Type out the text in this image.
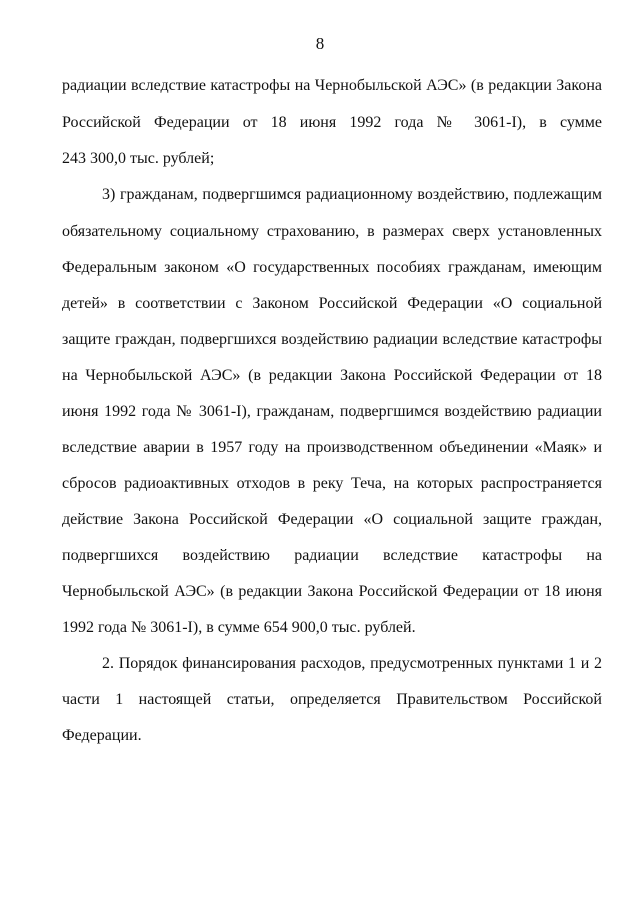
8
радиации вследствие катастрофы на Чернобыльской АЭС» (в редакции Закона
Российской Федерации от 18 июня 1992 года № 3061-I), в сумме
243 300,0 тыс. рублей;
3) гражданам, подвергшимся радиационному воздействию, подлежащим
обязательному социальному страхованию, в размерах сверх установленных
Федеральным законом «О государственных пособиях гражданам, имеющим
детей» в соответствии с Законом Российской Федерации «О социальной
защите граждан, подвергшихся воздействию радиации вследствие катастрофы
на Чернобыльской АЭС» (в редакции Закона Российской Федерации от 18
июня 1992 года № 3061-I), гражданам, подвергшимся воздействию радиации
вследствие аварии в 1957 году на производственном объединении «Маяк» и
сбросов радиоактивных отходов в реку Теча, на которых распространяется
действие Закона Российской Федерации «О социальной защите граждан,
подвергшихся воздействию радиации вследствие катастрофы на
Чернобыльской АЭС» (в редакции Закона Российской Федерации от 18 июня
1992 года № 3061-I), в сумме 654 900,0 тыс. рублей.
2. Порядок финансирования расходов, предусмотренных пунктами 1 и 2
части 1 настоящей статьи, определяется Правительством Российской
Федерации.
